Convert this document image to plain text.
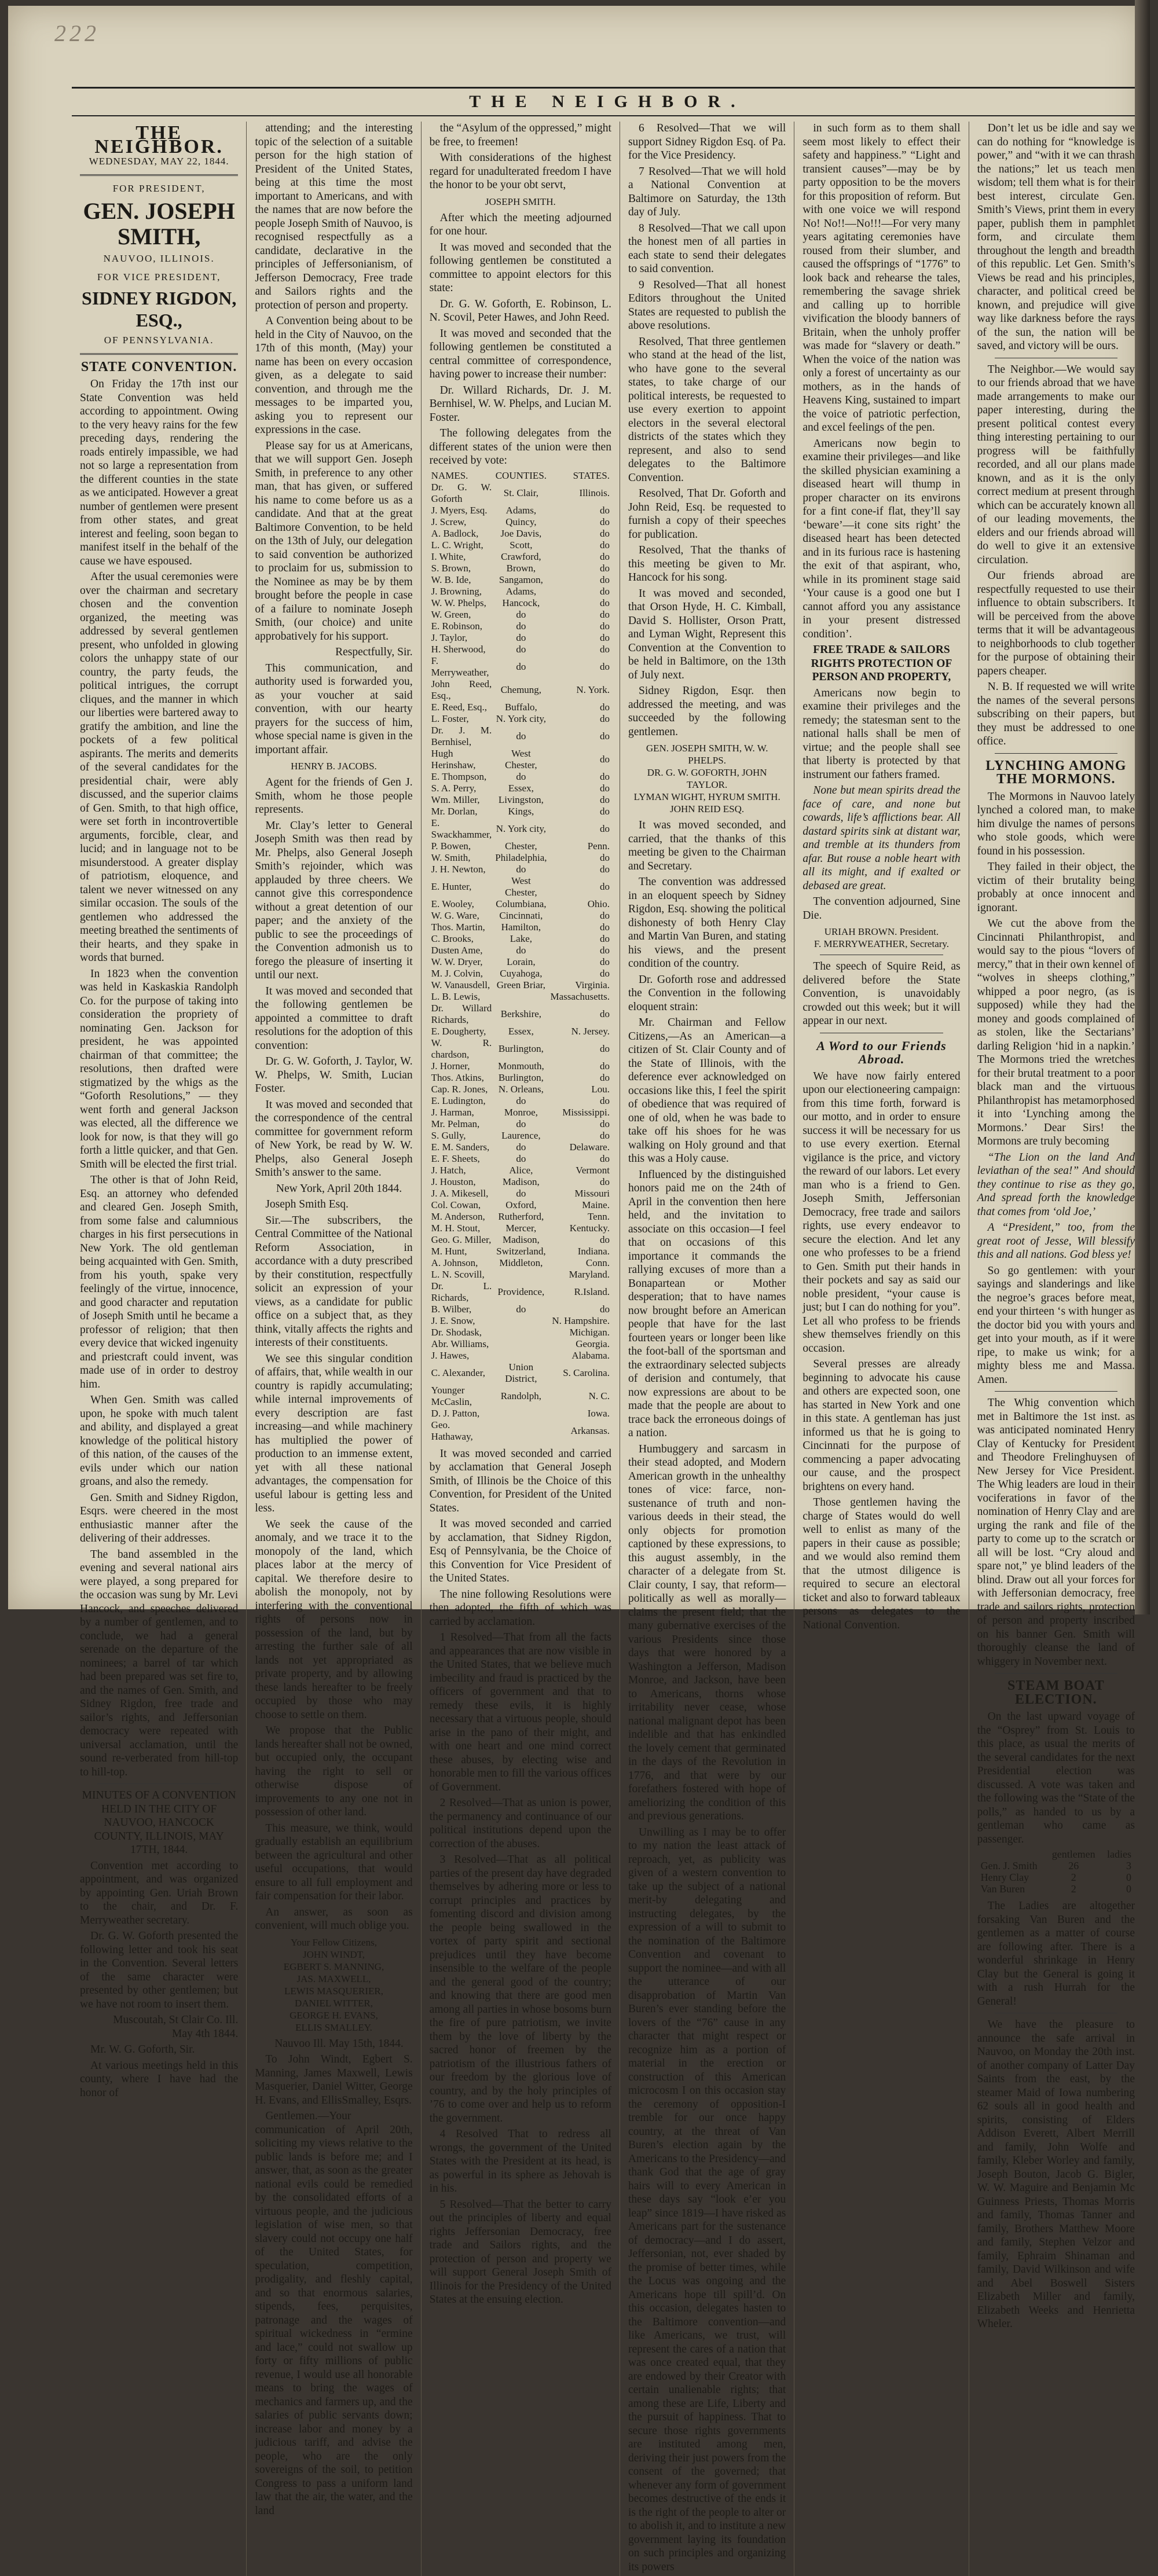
222
THE NEIGHBOR.
THE NEIGHBOR.
WEDNESDAY, MAY 22, 1844.
FOR PRESIDENT,
GEN. JOSEPH SMITH,
NAUVOO, ILLINOIS.
FOR VICE PRESIDENT,
SIDNEY RIGDON, ESQ.,
OF PENNSYLVANIA.
STATE CONVENTION.

On Friday the 17th inst our State Convention was held according to appointment. Owing to the very heavy rains for the few preceding days, rendering the roads entirely impassible, we had not so large a representation from the different counties in the state as we anticipated. However a great number of gentlemen were present from other states, and great interest and feeling, soon began to manifest itself in the behalf of the cause we have espoused.

After the usual ceremonies were over the chairman and secretary chosen and the convention organized, the meeting was addressed by several gentlemen present, who unfolded in glowing colors the unhappy state of our country, the party feuds, the political intrigues, the corrupt cliques, and the manner in which our liberties were bartered away to gratify the ambition, and line the pockets of a few political aspirants. The merits and demerits of the several candidates for the presidential chair, were ably discussed, and the superior claims of Gen. Smith, to that high office, were set forth in incontrovertible arguments, forcible, clear, and lucid; and in language not to be misunderstood. A greater display of patriotism, eloquence, and talent we never witnessed on any similar occasion. The souls of the gentlemen who addressed the meeting breathed the sentiments of their hearts, and they spake in words that burned.

In 1823 when the convention was held in Kaskaskia Randolph Co. for the purpose of taking into consideration the propriety of nominating Gen. Jackson for president, he was appointed chairman of that committee; the resolutions, then drafted were stigmatized by the whigs as the “Goforth Resolutions,” — they went forth and general Jackson was elected, all the difference we look for now, is that they will go forth a little quicker, and that Gen. Smith will be elected the first trial.

The other is that of John Reid, Esq. an attorney who defended and cleared Gen. Joseph Smith, from some false and calumnious charges in his first persecutions in New York. The old gentleman being acquainted with Gen. Smith, from his youth, spake very feelingly of the virtue, innocence, and good character and reputation of Joseph Smith until he became a professor of religion; that then every device that wicked ingenuity and priestcraft could invent, was made use of in order to destroy him.

When Gen. Smith was called upon, he spoke with much talent and ability, and displayed a great knowledge of the political history of this nation, of the causes of the evils under which our nation groans, and also the remedy.

Gen. Smith and Sidney Rigdon, Esqrs. were cheered in the most enthusiastic manner after the delivering of their addresses.

The band assembled in the evening and several national airs were played, a song prepared for the occasion was sung by Mr. Levi Hancock, and speeches delivered by a number of gentlemen, and to conclude, we had a general serenade on the departure of the nominees; a barrel of tar which had been prepared was set fire to, and the names of Gen. Smith, and Sidney Rigdon, free trade and sailor’s rights, and Jeffersonian democracy were repeated with universal acclamation, until the sound re-verberated from hill-top to hill-top.

MINUTES OF A CONVENTION HELD IN THE CITY OF NAUVOO, HANCOCK COUNTY, ILLINOIS, MAY 17TH, 1844.

Convention met according to appointment, and was organized by appointing Gen. Uriah Brown to the chair, and Dr. F. Merryweather secretary.

Dr. G. W. Goforth presented the following letter and took his seat in the Convention. Several letters of the same character were presented by other gentlemen; but we have not room to insert them.

Muscoutah, St Clair Co. Ill. May 4th 1844.

Mr. W. G. Goforth, Sir.

At various meetings held in this county, where I have had the honor of

attending; and the interesting topic of the selection of a suitable person for the high station of President of the United States, being at this time the most important to Americans, and with the names that are now before the people Joseph Smith of Nauvoo, is recognised respectfully as a candidate, declarative in the principles of Jeffersonianism, of Jefferson Democracy, Free trade and Sailors rights and the protection of person and property.

A Convention being about to be held in the City of Nauvoo, on the 17th of this month, (May) your name has been on every occasion given, as a delegate to said convention, and through me the messages to be imparted you, asking you to represent our expressions in the case.

Please say for us at Americans, that we will support Gen. Joseph Smith, in preference to any other man, that has given, or suffered his name to come before us as a candidate. And that at the great Baltimore Convention, to be held on the 13th of July, our delegation to said convention be authorized to proclaim for us, submission to the Nominee as may be by them brought before the people in case of a failure to nominate Joseph Smith, (our choice) and unite approbatively for his support.

Respectfully, Sir.

This communication, and authority used is forwarded you, as your voucher at said convention, with our hearty prayers for the success of him, whose special name is given in the important affair.

HENRY B. JACOBS.

Agent for the friends of Gen J. Smith, whom he those people represents.

Mr. Clay’s letter to General Joseph Smith was then read by Mr. Phelps, also General Joseph Smith’s rejoinder, which was applauded by three cheers. We cannot give this correspondence without a great detention of our paper; and the anxiety of the public to see the proceedings of the Convention admonish us to forego the pleasure of inserting it until our next.

It was moved and seconded that the following gentlemen be appointed a committee to draft resolutions for the adoption of this convention:

Dr. G. W. Goforth, J. Taylor, W. W. Phelps, W. Smith, Lucian Foster.

It was moved and seconded that the correspondence of the central committee for government reform of New York, be read by W. W. Phelps, also General Joseph Smith’s answer to the same.

New York, April 20th 1844.

Joseph Smith Esq.

Sir.—The subscribers, the Central Committee of the National Reform Association, in accordance with a duty prescribed by their constitution, respectfully solicit an expression of your views, as a candidate for public office on a subject that, as they think, vitally affects the rights and interests of their constituents.

We see this singular condition of affairs, that, while wealth in our country is rapidly accumulating; while internal improvements of every description are fast increasing—and while machinery has multiplied the power of production to an immense extent, yet with all these national advantages, the compensation for useful labour is getting less and less.

We seek the cause of the anomaly, and we trace it to the monopoly of the land, which places labor at the mercy of capital. We therefore desire to abolish the monopoly, not by interfering with the conventional rights of persons now in possession of the land, but by arresting the further sale of all lands not yet appropriated as private property, and by allowing these lands hereafter to be freely occupied by those who may choose to settle on them.

We propose that the Public lands hereafter shall not be owned, but occupied only, the occupant having the right to sell or otherwise dispose of improvements to any one not in possession of other land.

This measure, we think, would gradually establish an equilibrium between the agricultural and other useful occupations, that would ensure to all full employment and fair compensation for their labor.

An answer, as soon as convenient, will much oblige you.

Your Fellow Citizens,
JOHN WINDT,
EGBERT S. MANNING,
JAS. MAXWELL,
LEWIS MASQUERIER,
DANIEL WITTER,
GEORGE H. EVANS,
ELLIS SMALLEY.

Nauvoo Ill. May 15th, 1844.

To John Windt, Egbert S. Manning, James Maxwell, Lewis Masquerier, Daniel Witter, George H. Evans, and EllisSmalley, Esqrs.

Gentlemen.—Your communication of April 20th, soliciting my views relative to the public lands is before me; and I answer, that, as soon as the greater national evils could be remedied by the consolidated efforts of a virtuous people, and the judicious legislation of wise men, so that slavery could not occupy one half of the United States, for speculation, competition, prodigality, and fleshly capital, and so that enormous salaries, stipends, fees, perquisites, patronage and the wages of spiritual wickedness in “ermine and lace,” could not swallow up forty or fifty millions of public revenue, I would use all honorable means to bring the wages of mechanics and farmers up, and the salaries of public servants down; increase labor and money by a judicious tariff, and advise the people, who are the only sovereigns of the soil, to petition Congress to pass a uniform land law that the air, the water, and the land

the “Asylum of the oppressed,” might be free, to freemen!

With considerations of the highest regard for unadulterated freedom I have the honor to be your obt servt,

JOSEPH SMITH.

After which the meeting adjourned for one hour.

It was moved and seconded that the following gentlemen be constituted a committee to appoint electors for this state:

Dr. G. W. Goforth, E. Robinson, L. N. Scovil, Peter Hawes, and John Reed.

It was moved and seconded that the following gentlemen be constituted a central committee of correspondence, having power to increase their number:

Dr. Willard Richards, Dr. J. M. Bernhisel, W. W. Phelps, and Lucian M. Foster.

The following delegates from the different states of the union were then received by vote:

NAMES.	COUNTIES.	STATES.
Dr. G. W. Goforth	St. Clair,	Illinois.
J. Myers, Esq.	Adams,	do
J. Screw,	Quincy,	do
A. Badlock,	Joe Davis,	do
L. C. Wright,	Scott,	do
I. White,	Crawford,	do
S. Brown,	Brown,	do
W. B. Ide,	Sangamon,	do
J. Browning,	Adams,	do
W. W. Phelps,	Hancock,	do
W. Green,	do	do
E. Robinson,	do	do
J. Taylor,	do	do
H. Sherwood,	do	do
F. Merryweather,	do	do
John Reed, Esq.,	Chemung,	N. York.
E. Reed, Esq.,	Buffalo,	do
L. Foster,	N. York city,	do
Dr. J. M. Bernhisel,	do	do
Hugh Herinshaw,	West Chester,	do
E. Thompson,	do	do
S. A. Perry,	Essex,	do
Wm. Miller,	Livingston,	do
Mr. Dorlan,	Kings,	do
E. Swackhammer,	N. York city,	do
P. Bowen,	Chester,	Penn.
W. Smith,	Philadelphia,	do
J. H. Newton,	do	do
E. Hunter,	West Chester,	do
E. Wooley,	Columbiana,	Ohio.
W. G. Ware,	Cincinnati,	do
Thos. Martin,	Hamilton,	do
C. Brooks,	Lake,	do
Dusten Ame,	do	do
W. W. Dryer,	Lorain,	do
M. J. Colvin,	Cuyahoga,	do
W. Vanausdell,	Green Briar,	Virginia.
L. B. Lewis,		Massachusetts.
Dr. Willard Richards,	Berkshire,	do
E. Dougherty,	Essex,	N. Jersey.
W. R. chardson,	Burlington,	do
J. Horner,	Monmouth,	do
Thos. Atkins,	Burlington,	do
Cap. R. Jones,	N. Orleans,	Lou.
E. Ludington,	do	do
J. Harman,	Monroe,	Mississippi.
Mr. Pelman,	do	do
S. Gully,	Laurence,	do
E. M. Sanders,	do	Delaware.
E. F. Sheets,	do	do
J. Hatch,	Alice,	Vermont
J. Houston,	Madison,	do
J. A. Mikesell,	do	Missouri
Col. Cowan,	Oxford,	Maine.
M. Anderson,	Rutherford,	Tenn.
M. H. Stout,	Mercer,	Kentucky.
Geo. G. Miller,	Madison,	do
M. Hunt,	Switzerland,	Indiana.
A. Johnson,	Middleton,	Conn.
L. N. Scovill,		Maryland.
Dr. L. Richards,	Providence,	R.Island.
B. Wilber,	do	do
J. E. Snow,		N. Hampshire.
Dr. Shodask,		Michigan.
Abr. Williams,		Georgia.
J. Hawes,		Alabama.
C. Alexander,	Union District,	S. Carolina.
Younger McCaslin,	Randolph,	N. C.
D. J. Patton,		Iowa.
Geo. Hathaway,		Arkansas.

It was moved seconded and carried by acclamation that General Joseph Smith, of Illinois be the Choice of this Convention, for President of the United States.

It was moved seconded and carried by acclamation, that Sidney Rigdon, Esq of Pennsylvania, be the Choice of this Convention for Vice President of the United States.

The nine following Resolutions were then adopted, the fifth of which was carried by acclamation.

1 Resolved—That from all the facts and appearances that are now visible in the United States, that we believe much imbecility and fraud is practiced by the officers of government and that to remedy these evils, it is highly necessary that a virtuous people, should arise in the pano of their might, and with one heart and one mind correct these abuses, by electing wise and honorable men to fill the various offices of Government.

2 Resolved—That as union is power, the permanency and continuance of our political institutions depend upon the correction of the abuses.

3 Resolved—That as all political parties of the present day have degraded themselves by adhering more or less to corrupt principles and practices by fomenting discord and division among the people being swallowed in the vortex of party spirit and sectional prejudices until they have become insensible to the welfare of the people and the general good of the country; and knowing that there are good men among all parties in whose bosoms burn the fire of pure patriotism, we invite them by the love of liberty by the sacred honor of freemen by the patriotism of the illustrious fathers of our freedom by the glorious love of country, and by the holy principles of ’76 to come over and help us to reform the government.

4 Resolved That to redress all wrongs, the government of the United States with the President at its head, is as powerful in its sphere as Jehovah is in his.

5 Resolved—That the better to carry out the principles of liberty and equal rights Jeffersonian Democracy, free trade and Sailors rights, and the protection of person and property we will support General Joseph Smith of Illinois for the Presidency of the United States at the ensuing election.

6 Resolved—That we will support Sidney Rigdon Esq. of Pa. for the Vice Presidency.

7 Resolved—That we will hold a National Convention at Baltimore on Saturday, the 13th day of July.

8 Resolved—That we call upon the honest men of all parties in each state to send their delegates to said convention.

9 Resolved—That all honest Editors throughout the United States are requested to publish the above resolutions.

Resolved, That three gentlemen who stand at the head of the list, who have gone to the several states, to take charge of our political interests, be requested to use every exertion to appoint electors in the several electoral districts of the states which they represent, and also to send delegates to the Baltimore Convention.

Resolved, That Dr. Goforth and John Reid, Esq. be requested to furnish a copy of their speeches for publication.

Resolved, That the thanks of this meeting be given to Mr. Hancock for his song.

It was moved and seconded, that Orson Hyde, H. C. Kimball, David S. Hollister, Orson Pratt, and Lyman Wight, Represent this Convention at the Convention to be held in Baltimore, on the 13th of July next.

Sidney Rigdon, Esqr. then addressed the meeting, and was succeeded by the following gentlemen.

GEN. JOSEPH SMITH, W. W. PHELPS.
DR. G. W. GOFORTH, JOHN TAYLOR.
LYMAN WIGHT, HYRUM SMITH.
JOHN REID ESQ.

It was moved seconded, and carried, that the thanks of this meeting be given to the Chairman and Secretary.

The convention was addressed in an eloquent speech by Sidney Rigdon, Esq. showing the political dishonesty of both Henry Clay and Martin Van Buren, and stating his views, and the present condition of the country.

Dr. Goforth rose and addressed the Convention in the following eloquent strain:

Mr. Chairman and Fellow Citizens,—As an American—a citizen of St. Clair County and of the State of Illinois, with the deference ever acknowledged on occasions like this, I feel the spirit of obedience that was required of one of old, when he was bade to take off his shoes for he was walking on Holy ground and that this was a Holy cause.

Influenced by the distinguished honors paid me on the 24th of April in the convention then here held, and the invitation to associate on this occasion—I feel that on occasions of this importance it commands the rallying excuses of more than a Bonapartean or Mother desperation; that to have names now brought before an American people that have for the last fourteen years or longer been like the foot-ball of the sportsman and the extraordinary selected subjects of derision and contumely, that now expressions are about to be made that the people are about to trace back the erroneous doings of a nation.

Humbuggery and sarcasm in their stead adopted, and Modern American growth in the unhealthy tones of vice: farce, non-sustenance of truth and non-various deeds in their stead, the only objects for promotion captioned by these expressions, to this august assembly, in the character of a delegate from St. Clair county, I say, that reform—politically as well as morally—claims the present field; that the many gubernative exercises of the various Presidents since those days that were honored by a Washington a Jefferson, Madison Monroe, and Jackson, have been to Americans, thorns whose irritability never cease, whose national malignant depot has been indelible and that has enkindled the lovely cement that germinated in the days of the Revolution in 1776, and that were by our forefathers fostered with hope of ameliorizing the condition of this and previous generations.

Unwilling as I may be to offer to my nation the least attack of reproach, yet, as publicity was given of a western convention to take up the subject of a national merit-by delegating and instructing delegates, by the expression of a will to submit to the nomination of the Baltimore Convention and covenant to support the nominee—and with all the utterance of our disapprobation of Martin Van Buren’s ever standing before the lovers of the “76” cause in any character that might respect or recognize him as a portion of material in the erection or construction of this American microcosm I on this occasion stay the ceremony of opposition-I tremble for our once happy country, at the threat of Van Buren’s election again by the Americans to the Presidency—and thank God that the age of gray hairs will to every American in these days say “look e’er you leap” since 1819—I have risked as Americans part for the sustenance of democracy—and I do assert, Jeffersonian, not, ever shaded by the promise of better times, while the Locus was ongoing and the Americans hope till spill’d. On this occasion, delegates hasten to the Baltimore convention—and like Americans, we trust, will represent the cares of a nation that was once created equal, that they are endowed by their Creator with certain unalienable rights; that among these are Life, Liberty and the pursuit of happiness. That to secure those rights governments are instituted among men, deriving their just powers from the consent of the governed; that whenever any form of government becomes destructive of the ends it is the right of the people to alter or to abolish it, and to institute a new government laying its foundation on such principles and organizing its powers

in such form as to them shall seem most likely to effect their safety and happiness.” “Light and transient causes”—may be by party opposition to be the movers for this proposition of reform. But with one voice we will respond No! No!!—No!!!—For very many years agitating ceremonies have roused from their slumber, and caused the offsprings of “1776” to look back and rehearse the tales, remembering the savage shriek and calling up to horrible vivification the bloody banners of Britain, when the unholy proffer was made for “slavery or death.” When the voice of the nation was only a forest of uncertainty as our mothers, as in the hands of Heavens King, sustained to impart the voice of patriotic perfection, and excel feelings of the pen.

Americans now begin to examine their privileges—and like the skilled physician examining a diseased heart will thump in proper character on its environs for a fint cone-if flat, they’ll say ‘beware’—it cone sits right’ the diseased heart has been detected and in its furious race is hastening the exit of that aspirant, who, while in its prominent stage said ‘Your cause is a good one but I cannot afford you any assistance in your present distressed condition’.

FREE TRADE & SAILORS RIGHTS PROTECTION OF PERSON AND PROPERTY,

Americans now begin to examine their privileges and the remedy; the statesman sent to the national halls shall be men of virtue; and the people shall see that liberty is protected by that instrument our fathers framed.

None but mean spirits dread the face of care, and none but cowards, life’s afflictions bear. All dastard spirits sink at distant war, and tremble at its thunders from afar. But rouse a noble heart with all its might, and if exalted or debased are great.

The convention adjourned, Sine Die.

URIAH BROWN. President.
F. MERRYWEATHER, Secretary.

The speech of Squire Reid, as delivered before the State Convention, is unavoidably crowded out this week; but it will appear in our next.

A Word to our Friends Abroad.

We have now fairly entered upon our electioneering campaign: from this time forth, forward is our motto, and in order to ensure success it will be necessary for us to use every exertion. Eternal vigilance is the price, and victory the reward of our labors. Let every man who is a friend to Gen. Joseph Smith, Jeffersonian Democracy, free trade and sailors rights, use every endeavor to secure the election. And let any one who professes to be a friend to Gen. Smith put their hands in their pockets and say as said our noble president, “your cause is just; but I can do nothing for you”. Let all who profess to be friends shew themselves friendly on this occasion.

Several presses are already beginning to advocate his cause and others are expected soon, one has started in New York and one in this state. A gentleman has just informed us that he is going to Cincinnati for the purpose of commencing a paper advocating our cause, and the prospect brightens on every hand.

Those gentlemen having the charge of States would do well well to enlist as many of the papers in their cause as possible; and we would also remind them that the utmost diligence is required to secure an electoral ticket and also to forward tableaux persons as delegates to the National Convention.

Don’t let us be idle and say we can do nothing for “knowledge is power,” and “with it we can thrash the nations;” let us teach men wisdom; tell them what is for their best interest, circulate Gen. Smith’s Views, print them in every paper, publish them in pamphlet form, and circulate them throughout the length and breadth of this republic. Let Gen. Smith’s Views be read and his principles, character, and political creed be known, and prejudice will give way like darkness before the rays of the sun, the nation will be saved, and victory will be ours.

The Neighbor.—We would say to our friends abroad that we have made arrangements to make our paper interesting, during the present political contest every thing interesting pertaining to our progress will be faithfully recorded, and all our plans made known, and as it is the only correct medium at present through which can be accurately known all of our leading movements, the elders and our friends abroad will do well to give it an extensive circulation.

Our friends abroad are respectfully requested to use their influence to obtain subscribers. It will be perceived from the above terms that it will be advantageous to neighborhoods to club together for the purpose of obtaining their papers cheaper.

N. B. If requested we will write the names of the several persons subscribing on their papers, but they must be addressed to one office.

LYNCHING AMONG THE MORMONS.

The Mormons in Nauvoo lately lynched a colored man, to make him divulge the names of persons who stole goods, which were found in his possession.

They failed in their object, the victim of their brutality being probably at once innocent and ignorant.

We cut the above from the Cincinnati Philanthropist, and would say to the pious “lovers of mercy,” that in their own kennel of “wolves in sheeps clothing,” whipped a poor negro, (as is supposed) while they had the money and goods complained of as stolen, like the Sectarians’ darling Religion ‘hid in a napkin.’ The Mormons tried the wretches for their brutal treatment to a poor black man and the virtuous Philanthropist has metamorphosed it into ‘Lynching among the Mormons.’ Dear Sirs! the Mormons are truly becoming

“The Lion on the land And leviathan of the sea!” And should they continue to rise as they go, And spread forth the knowledge that comes from ‘old Joe,’

A “President,” too, from the great root of Jesse, Will blessify this and all nations. God bless ye!

So go gentlemen: with your sayings and slanderings and like the negroe’s graces before meat, end your thirteen ‘s with hunger as the doctor bid you with yours and get into your mouth, as if it were ripe, to make us wink; for a mighty bless me and Massa. Amen.

The Whig convention which met in Baltimore the 1st inst. as was anticipated nominated Henry Clay of Kentucky for President and Theodore Frelinghuysen of New Jersey for Vice President. The Whig leaders are loud in their vociferations in favor of the nomination of Henry Clay and are urging the rank and file of the party to come up to the scratch or all will be lost. “Cry aloud and spare not,” ye blind leaders of the blind. Draw out all your forces for with Jeffersonian democracy, free trade and sailors rights, protection of person and property inscribed on his banner Gen. Smith will thoroughly cleanse the land of whiggery in November next.

STEAM BOAT ELECTION.

On the last upward voyage of the “Osprey” from St. Louis to this place, as usual the merits of the several candidates for the next Presidential election was discussed. A vote was taken and the following was the “State of the polls,” as handed to us by a gentleman who came as passenger.

	gentlemen	ladies
Gen. J. Smith	26	3
Henry Clay	2	0
Van Buren	2	0

The Ladies are altogether forsaking Van Buren and the gentlemen as a matter of course are following after. There is a wonderful shrinkage in Henry Clay but the General is going it with a rush Hurrah for the General!

We have the pleasure to announce the safe arrival in Nauvoo, on Monday the 20th inst. of another company of Latter Day Saints from the east, by the steamer Maid of Iowa numbering 62 souls all in good health and spirits, consisting of Elders Addison Everett, Albert Merrill and family, John Wolfe and family, Kleber Worley and family, Joseph Bouton, Jacob G. Bigler, W. W. Maguire and Benjamin Mc Guinness Priests, Thomas Morris and family, Thomas Tanner and family, Brothers Matthew Moore and family, Stephen Velzor and family, Ephraim Shinaman and family, David Wilkinson and wife and Abel Boswell Sisters Elizabeth Miller and family, Elizabeth Weeks and Henrietta Wheler.
